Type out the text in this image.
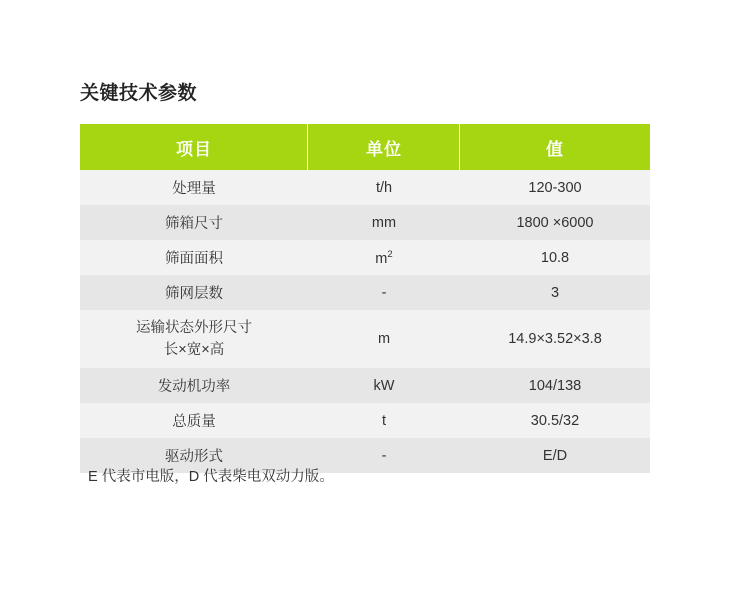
关键技术参数
项目	单位	值
处理量	t/h	120-300
筛箱尺寸	mm	1800 ×6000
筛面面积	$m^2$	10.8
筛网层数	-	3

运输状态外形尺寸
长×宽×高	m	14.9×3.52×3.8
发动机功率	kW	104/138
总质量	t	30.5/32
驱动形式	-	E/D
E 代表市电版，D 代表柴电双动力版。
